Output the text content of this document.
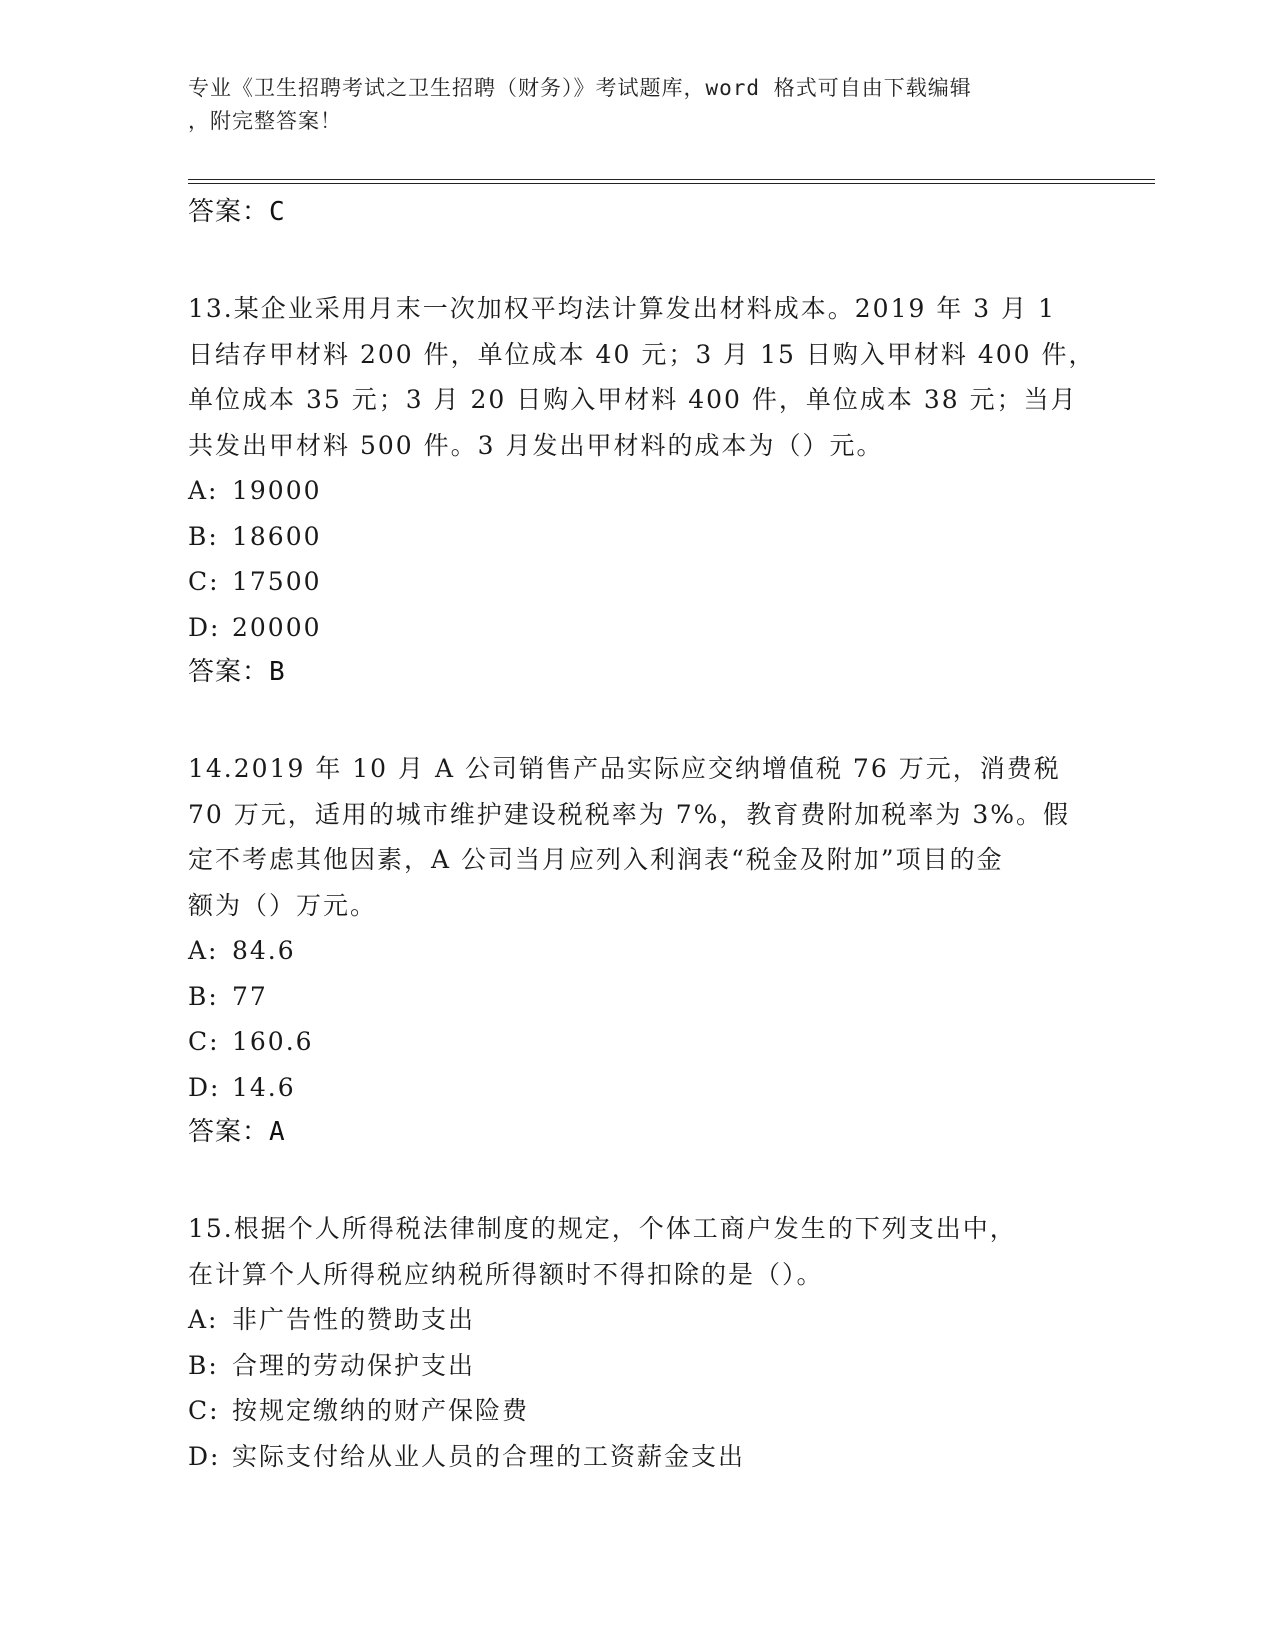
专业《卫生招聘考试之卫生招聘（财务）》考试题库，word 格式可自由下载编辑
，附完整答案！
答案：C
13.某企业采用月末一次加权平均法计算发出材料成本。2019 年 3 月 1
日结存甲材料 200 件，单位成本 40 元；3 月 15 日购入甲材料 400 件，
单位成本 35 元；3 月 20 日购入甲材料 400 件，单位成本 38 元；当月
共发出甲材料 500 件。3 月发出甲材料的成本为（）元。
A: 19000
B: 18600
C: 17500
D: 20000
答案：B
14.2019 年 10 月 A 公司销售产品实际应交纳增值税 76 万元，消费税
70 万元，适用的城市维护建设税税率为 7%，教育费附加税率为 3%。假
定不考虑其他因素，A 公司当月应列入利润表“税金及附加”项目的金
额为（）万元。
A: 84.6
B: 77
C: 160.6
D: 14.6
答案：A
15.根据个人所得税法律制度的规定，个体工商户发生的下列支出中，
在计算个人所得税应纳税所得额时不得扣除的是（）。
A: 非广告性的赞助支出
B: 合理的劳动保护支出
C: 按规定缴纳的财产保险费
D: 实际支付给从业人员的合理的工资薪金支出
